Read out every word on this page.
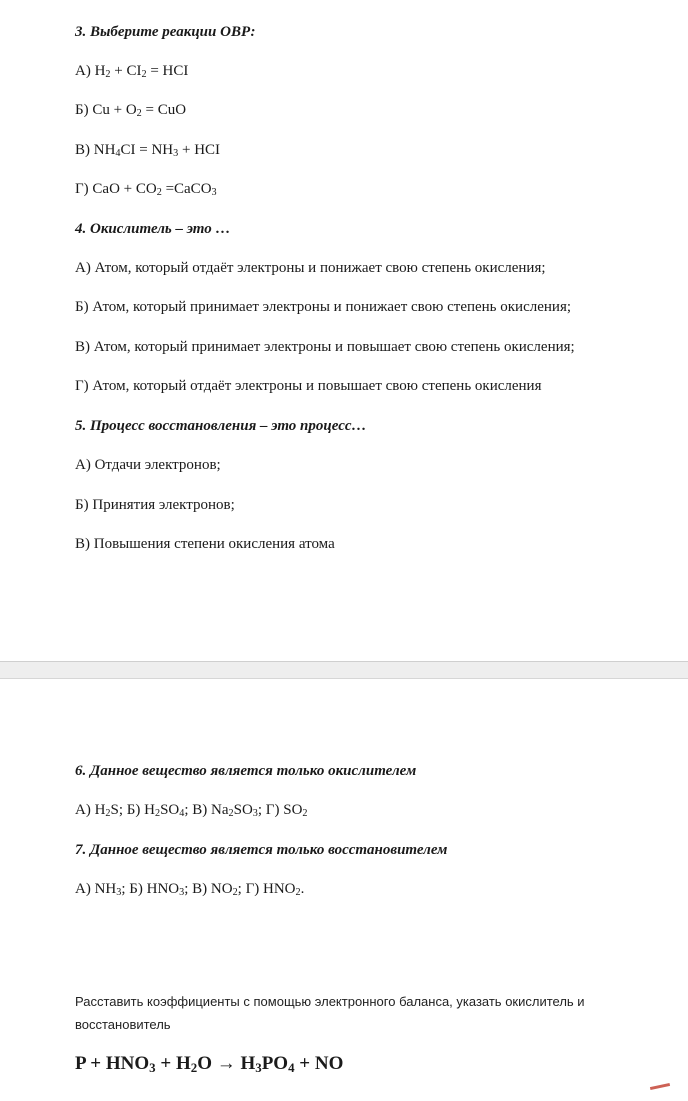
3. Выберите реакции ОВР:
А) $H_2 + CI_2$ = HCI
Б) $Cu + O_2$ = CuO
В) $NH_4CI = NH_3$ + HCI
Г) CaO + $CO_2$ =CaCO$_3$
4. Окислитель – это …
А) Атом, который отдаёт электроны и понижает свою степень окисления;
Б) Атом, который принимает электроны и понижает свою степень окисления;
В) Атом, который принимает электроны и повышает свою степень окисления;
Г) Атом, который отдаёт электроны и повышает свою степень окисления
5. Процесс восстановления – это процесс…
А) Отдачи электронов;
Б) Принятия электронов;
В) Повышения степени окисления атома
6. Данное вещество является только окислителем
А) $H_2S$; Б) $H_2SO_4$; В) $Na_2SO_3$; Г) $SO_2$
7. Данное вещество является только восстановителем
А) $NH_3$; Б) $HNO_3$; В) $NO_2$; Г) $HNO_2$.
Расставить коэффициенты с помощью электронного баланса, указать окислитель и
восстановитель
$P + HNO_3 + H_2O \to H_3PO_4$ + NO
